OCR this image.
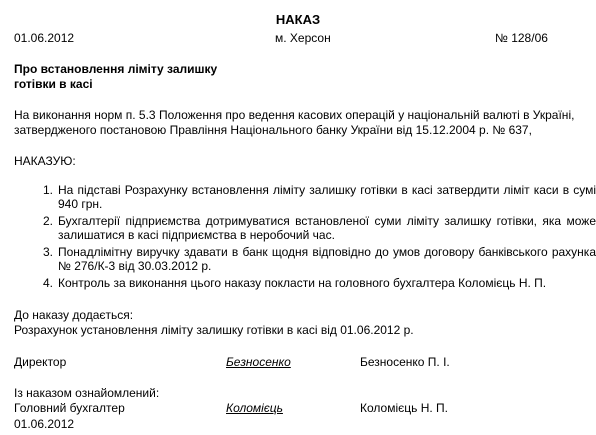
НАКАЗ
01.06.2012	м. Херсон	№ 128/06
Про встановлення ліміту залишку
готівки в касі
На виконання норм п. 5.3 Положення про ведення касових операцій у національній валюті в Україні,
затвердженого постановою Правління Національного банку України від 15.12.2004 р. № 637,
НАКАЗУЮ:
1. На підставі Розрахунку встановлення ліміту залишку готівки в касі затвердити ліміт каси в сумі 940 грн.
2. Бухгалтерії підприємства дотримуватися встановленої суми ліміту залишку готівки, яка може залишатися в касі підприємства в неробочий час.
3. Понадлімітну виручку здавати в банк щодня відповідно до умов договору банківського рахунка № 276/К-3 від 30.03.2012 р.
4. Контроль за виконання цього наказу покласти на головного бухгалтера Коломієць Н. П.
До наказу додається:
Розрахунок установлення ліміту залишку готівки в касі від 01.06.2012 р.
Директор	Безносенко	Безносенко П. І.
Із наказом ознайомлений:
Головний бухгалтер	Коломієць	Коломієць Н. П.
01.06.2012
